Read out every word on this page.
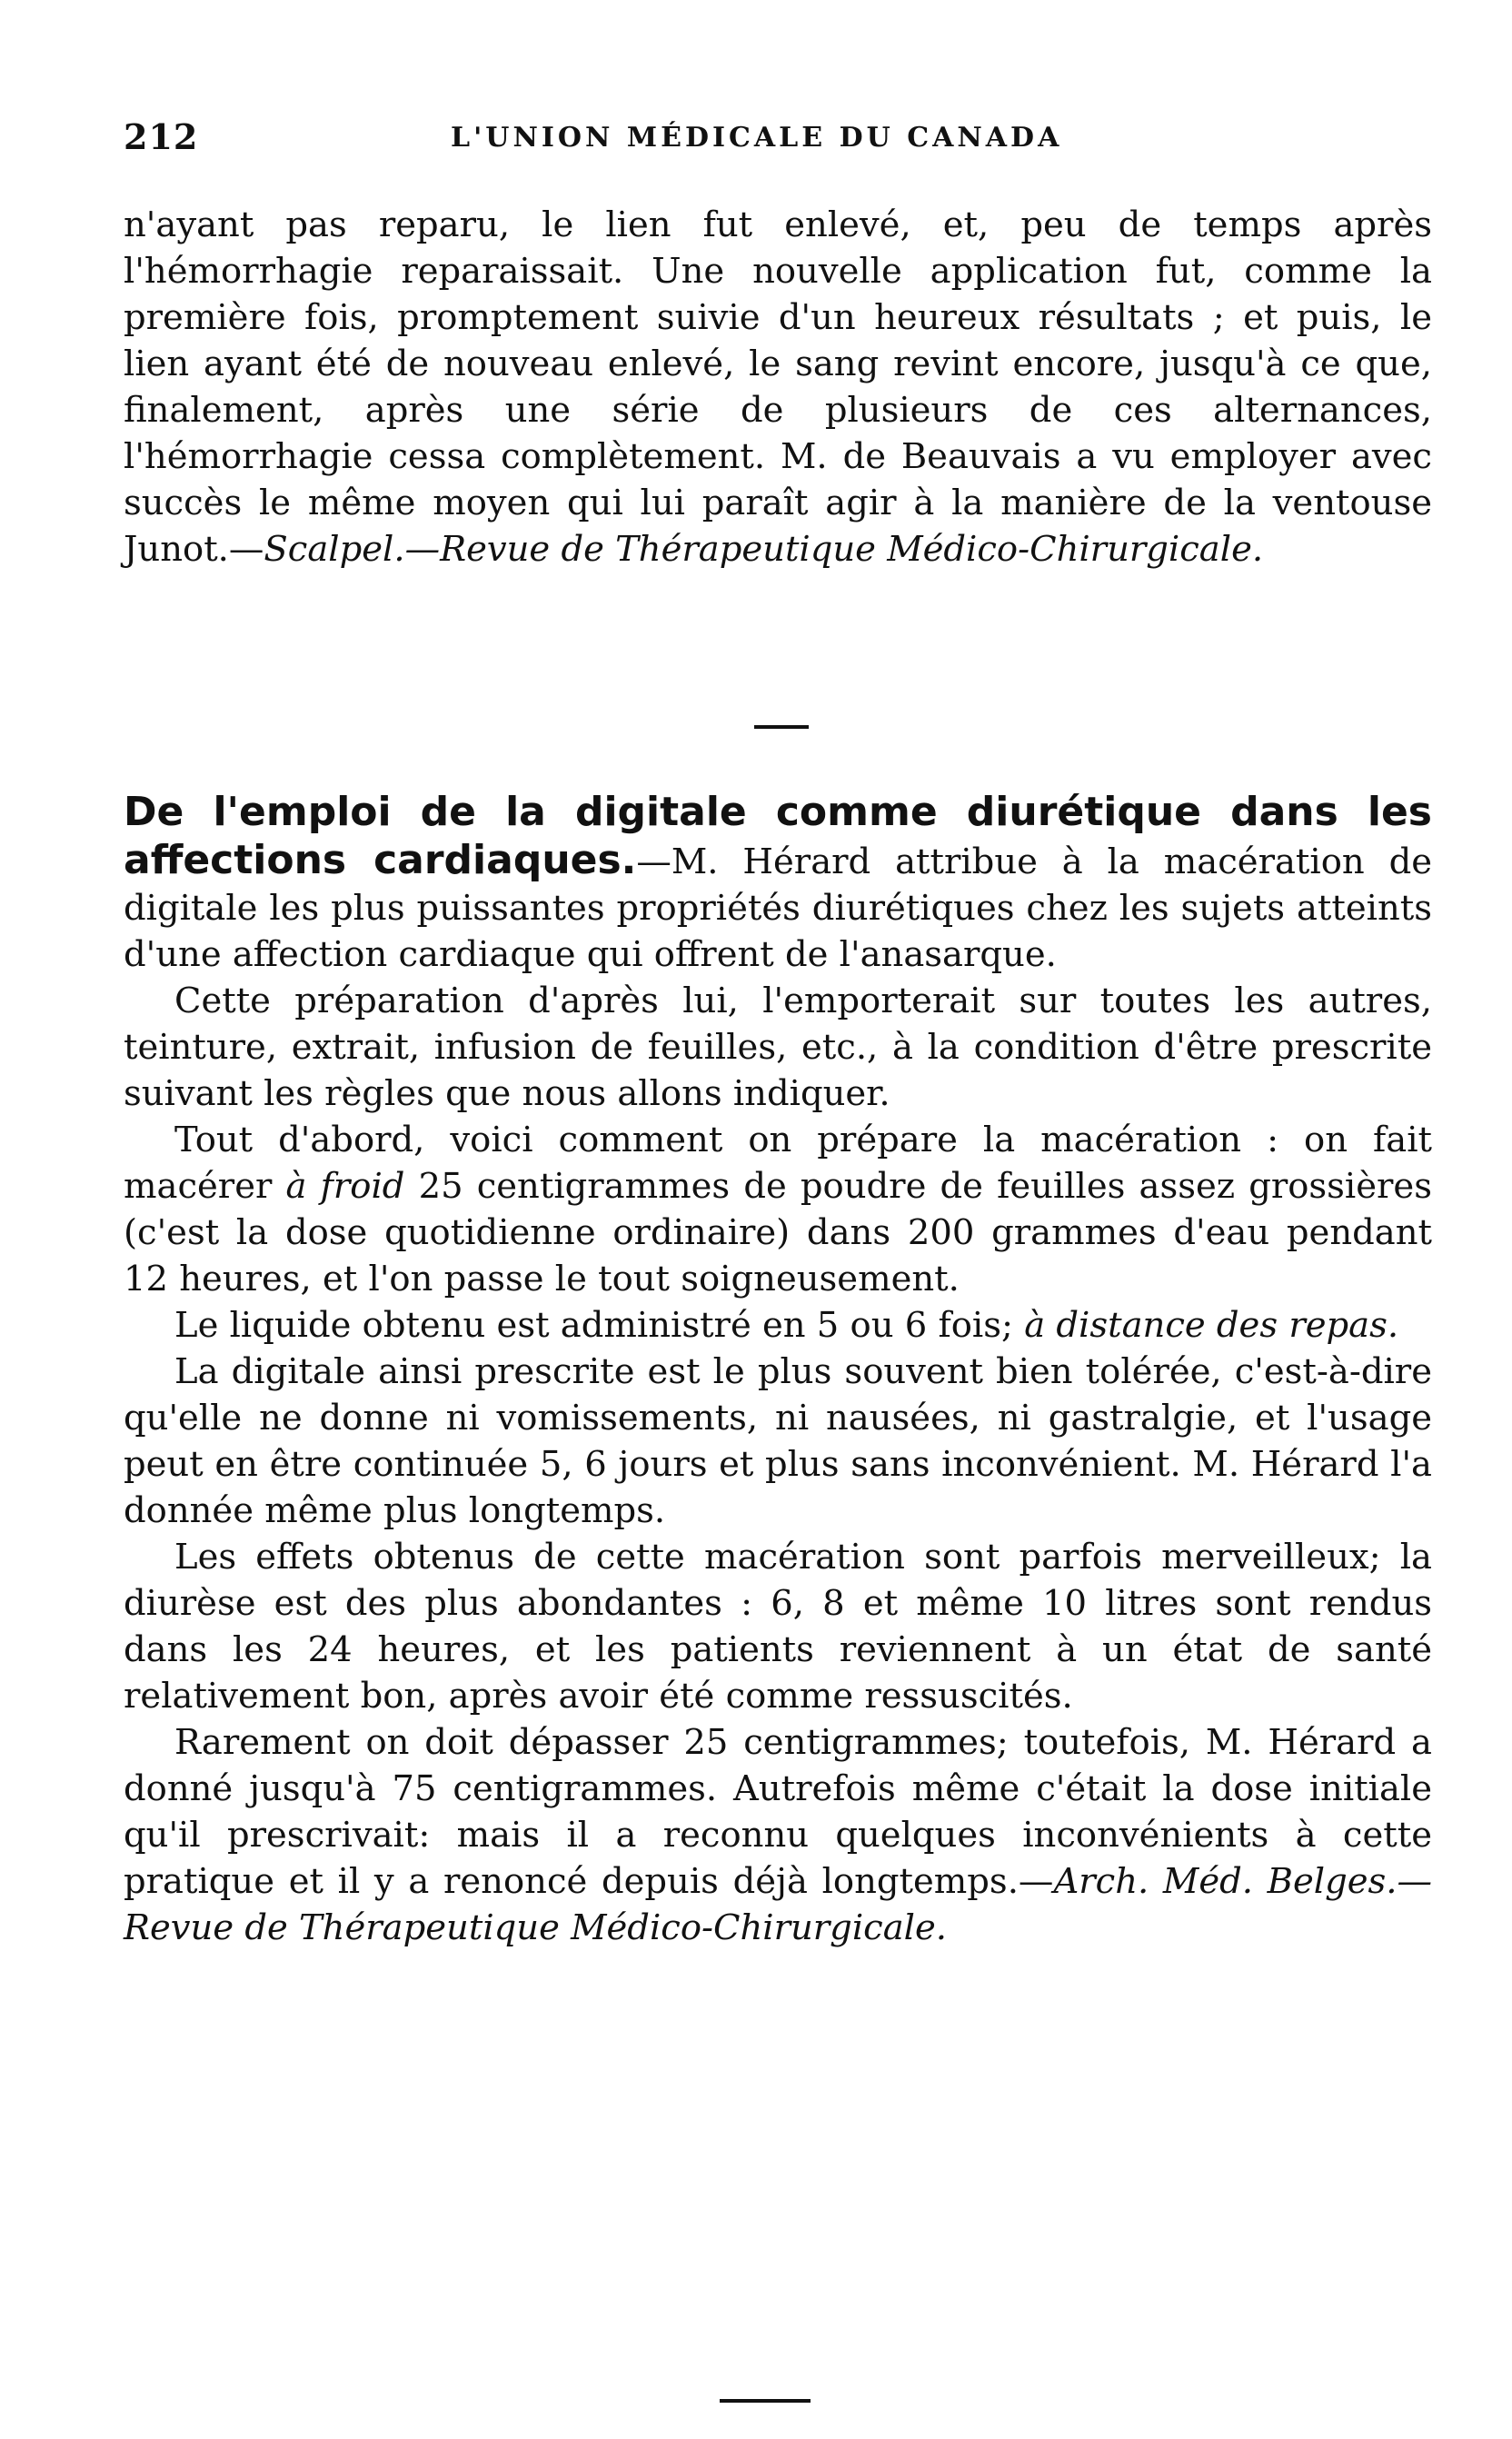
212	L'UNION MÉDICALE DU CANADA
n'ayant pas reparu, le lien fut enlevé, et, peu de temps après l'hémorrhagie reparaissait. Une nouvelle application fut, comme la première fois, promptement suivie d'un heureux résultats ; et puis, le lien ayant été de nouveau enlevé, le sang revint encore, jusqu'à ce que, finalement, après une série de plusieurs de ces alternances, l'hémorrhagie cessa complètement. M. de Beauvais a vu employer avec succès le même moyen qui lui paraît agir à la manière de la ventouse Junot.—Scalpel.—Revue de Thérapeutique Médico-Chirurgicale.

De l'emploi de la digitale comme diurétique dans les affections cardiaques.—M. Hérard attribue à la macération de digitale les plus puissantes propriétés diurétiques chez les sujets atteints d'une affection cardiaque qui offrent de l'anasarque.

Cette préparation d'après lui, l'emporterait sur toutes les autres, teinture, extrait, infusion de feuilles, etc., à la condition d'être prescrite suivant les règles que nous allons indiquer.

Tout d'abord, voici comment on prépare la macération : on fait macérer à froid 25 centigrammes de poudre de feuilles assez grossières (c'est la dose quotidienne ordinaire) dans 200 grammes d'eau pendant 12 heures, et l'on passe le tout soigneusement.

Le liquide obtenu est administré en 5 ou 6 fois; à distance des repas.

La digitale ainsi prescrite est le plus souvent bien tolérée, c'est-à-dire qu'elle ne donne ni vomissements, ni nausées, ni gastralgie, et l'usage peut en être continuée 5, 6 jours et plus sans inconvénient. M. Hérard l'a donnée même plus longtemps.

Les effets obtenus de cette macération sont parfois merveilleux; la diurèse est des plus abondantes : 6, 8 et même 10 litres sont rendus dans les 24 heures, et les patients reviennent à un état de santé relativement bon, après avoir été comme ressuscités.

Rarement on doit dépasser 25 centigrammes; toutefois, M. Hérard a donné jusqu'à 75 centigrammes. Autrefois même c'était la dose initiale qu'il prescrivait: mais il a reconnu quelques inconvénients à cette pratique et il y a renoncé depuis déjà longtemps.—Arch. Méd. Belges.—Revue de Thérapeutique Médico-Chirurgicale.
